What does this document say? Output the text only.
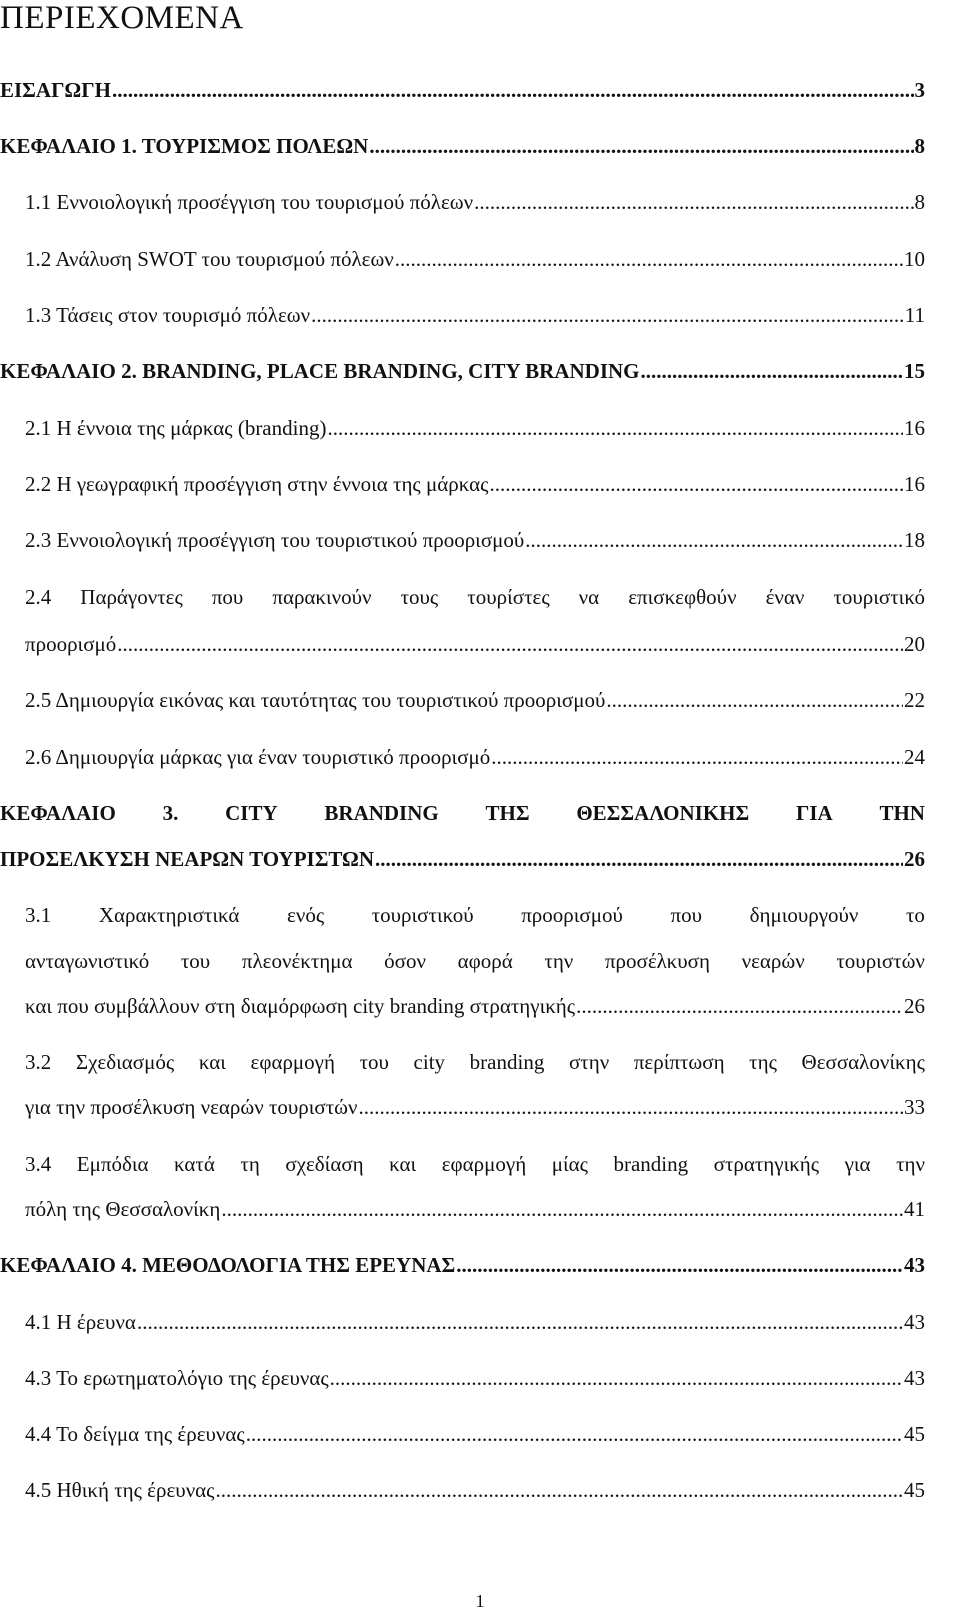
ΠΕΡΙΕΧΟΜΕΝΑ
ΕΙΣΑΓΩΓΗ .....	3
ΚΕΦΑΛΑΙΟ 1. ΤΟΥΡΙΣΜΟΣ ΠΟΛΕΩΝ .....	8
1.1 Εννοιολογική προσέγγιση του τουρισμού πόλεων .....	8
1.2 Ανάλυση SWOT του τουρισμού πόλεων .....	10
1.3 Τάσεις στον τουρισμό πόλεων .....	11
ΚΕΦΑΛΑΙΟ 2. BRANDING, PLACE BRANDING, CITY BRANDING .....	15
2.1 Η έννοια της μάρκας (branding) .....	16
2.2 Η γεωγραφική προσέγγιση στην έννοια της μάρκας .....	16
2.3 Εννοιολογική προσέγγιση του τουριστικού προορισμού .....	18
2.4 Παράγοντες που παρακινούν τους τουρίστες να επισκεφθούν έναν τουριστικό
προορισμό .....	20
2.5 Δημιουργία εικόνας και ταυτότητας του τουριστικού προορισμού .....	22
2.6 Δημιουργία μάρκας για έναν τουριστικό προορισμό .....	24
ΚΕΦΑΛΑΙΟ 3. CITY BRANDING ΤΗΣ ΘΕΣΣΑΛΟΝΙΚΗΣ ΓΙΑ ΤΗΝ
ΠΡΟΣΕΛΚΥΣΗ ΝΕΑΡΩΝ ΤΟΥΡΙΣΤΩΝ .....	26
3.1 Χαρακτηριστικά ενός τουριστικού προορισμού που δημιουργούν το
ανταγωνιστικό του πλεονέκτημα όσον αφορά την προσέλκυση νεαρών τουριστών
και που συμβάλλουν στη διαμόρφωση city branding στρατηγικής .....	26
3.2 Σχεδιασμός και εφαρμογή του city branding στην περίπτωση της Θεσσαλονίκης
για την προσέλκυση νεαρών τουριστών .....	33
3.4 Εμπόδια κατά τη σχεδίαση και εφαρμογή μίας branding στρατηγικής για την
πόλη της Θεσσαλονίκη .....	41
ΚΕΦΑΛΑΙΟ 4. ΜΕΘΟΔΟΛΟΓΙΑ ΤΗΣ ΕΡΕΥΝΑΣ .....	43
4.1 Η έρευνα .....	43
4.3 Το ερωτηματολόγιο της έρευνας .....	43
4.4 Το δείγμα της έρευνας .....	45
4.5 Ηθική της έρευνας .....	45
1
